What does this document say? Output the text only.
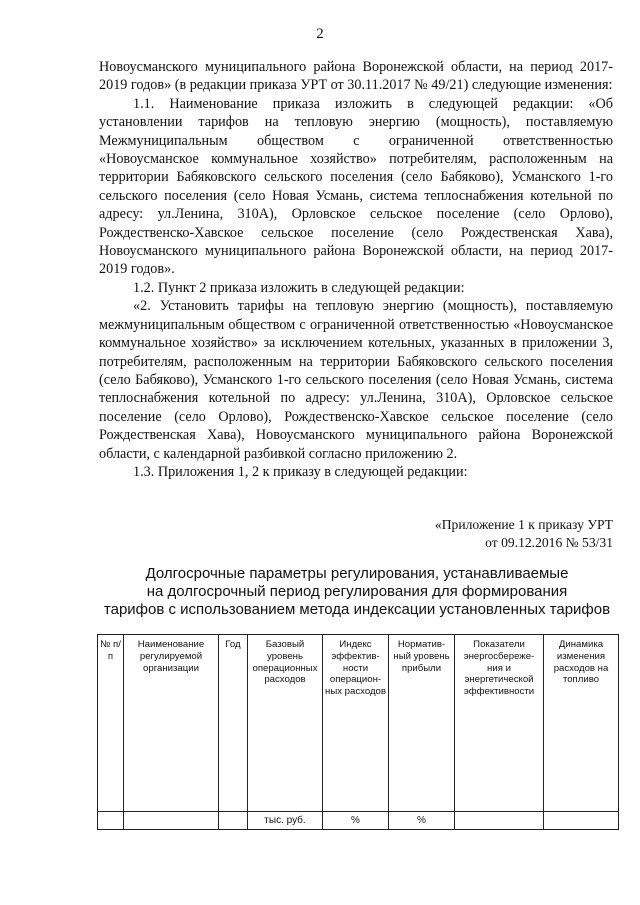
2

Новоусманского муниципального района Воронежской области, на период 2017-2019 годов» (в редакции приказа УРТ от 30.11.2017 № 49/21) следующие изменения:

1.1. Наименование приказа изложить в следующей редакции: «Об установлении тарифов на тепловую энергию (мощность), поставляемую Межмуниципальным обществом с ограниченной ответственностью «Новоусманское коммунальное хозяйство» потребителям, расположенным на территории Бабяковского сельского поселения (село Бабяково), Усманского 1-го сельского поселения (село Новая Усмань, система теплоснабжения котельной по адресу: ул.Ленина, 310А), Орловское сельское поселение (село Орлово), Рождественско-Хавское сельское поселение (село Рождественская Хава), Новоусманского муниципального района Воронежской области, на период 2017-2019 годов».

1.2. Пункт 2 приказа изложить в следующей редакции:

«2. Установить тарифы на тепловую энергию (мощность), поставляемую межмуниципальным обществом с ограниченной ответственностью «Новоусманское коммунальное хозяйство» за исключением котельных, указанных в приложении 3, потребителям, расположенным на территории Бабяковского сельского поселения (село Бабяково), Усманского 1-го сельского поселения (село Новая Усмань, система теплоснабжения котельной по адресу: ул.Ленина, 310А), Орловское сельское поселение (село Орлово), Рождественско-Хавское сельское поселение (село Рождественская Хава), Новоусманского муниципального района Воронежской области, с календарной разбивкой согласно приложению 2.

1.3. Приложения 1, 2 к приказу в следующей редакции:

«Приложение 1 к приказу УРТ
от 09.12.2016 № 53/31
Долгосрочные параметры регулирования, устанавливаемые
на долгосрочный период регулирования для формирования
тарифов с использованием метода индексации установленных тарифов
№ п/п	Наименование регулируемой организации	Год	Базовый уровень операционных расходов	Индекс эффектив-ности операцион-ных расходов	Норматив-ный уровень прибыли	Показатели энергосбереже-ния и энергетической эффективности	Динамика изменения расходов на топливо
			тыс. руб.	%	%		
